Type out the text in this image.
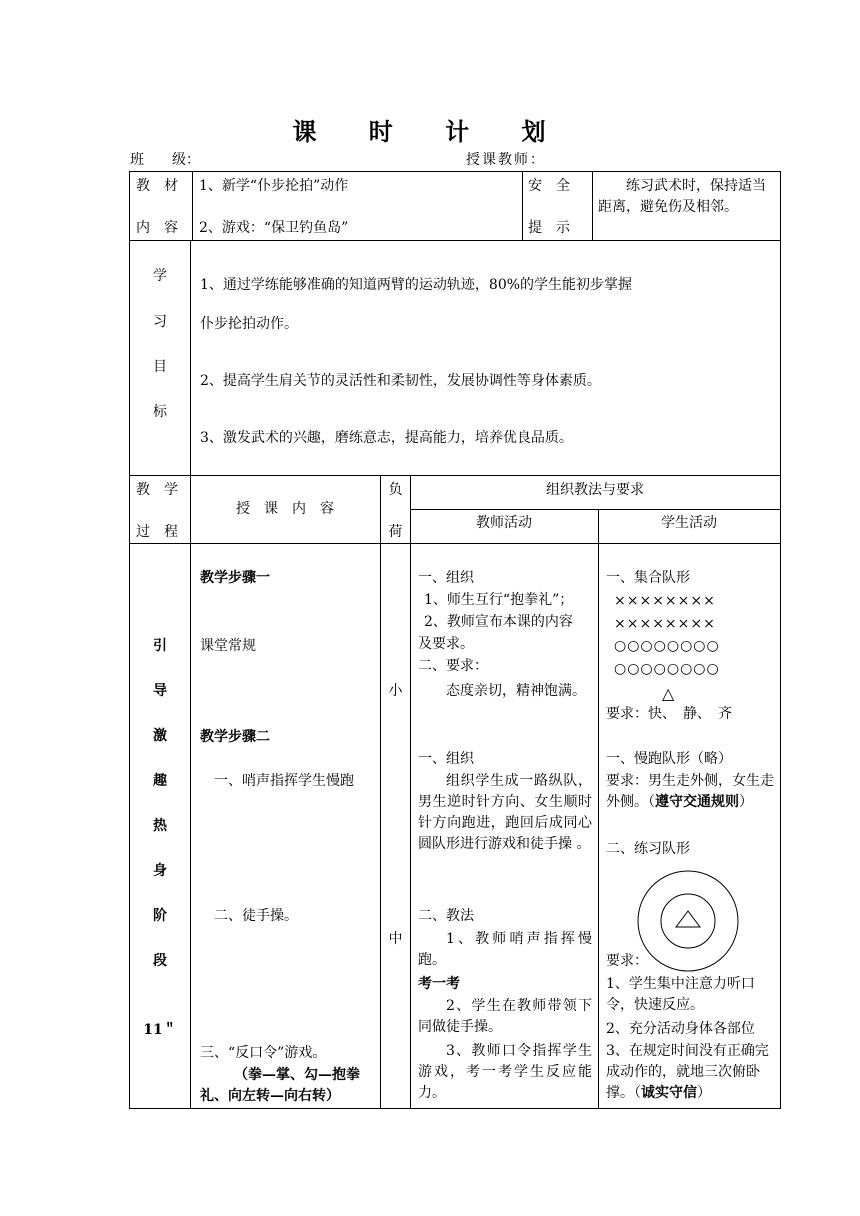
课 时 计 划
班　　级：	授课教师：
教　材
内　容
1、新学“仆步抡拍”动作
2、游戏：“保卫钓鱼岛”
安　全
提　示
练习武术时，保持适当距离，避免伤及相邻。
学
习
目
标
1、通过学练能够准确的知道两臂的运动轨迹，80%的学生能初步掌握
仆步抡拍动作。
2、提高学生肩关节的灵活性和柔韧性，发展协调性等身体素质。
3、激发武术的兴趣，磨练意志，提高能力，培养优良品质。
教　学
过　程
授　课　内　容
负
荷
组织教法与要求
教师活动	学生活动
引
导
激
趣
热
身
阶
段
11＂
教学步骤一
课堂常规
教学步骤二
一、哨声指挥学生慢跑
二、徒手操。
三、“反口令”游戏。
（拳—掌、勾—抱拳
礼、向左转—向右转）
小
中
一、组织
1、师生互行“抱拳礼”；
2、教师宣布本课的内容
及要求。
二、要求：
态度亲切，精神饱满。
一、组织
组织学生成一路纵队，男生逆时针方向、女生顺时针方向跑进，跑回后成同心圆队形进行游戏和徒手操 。
二、教法
1、教师哨声指挥慢跑。
考一考
2、学生在教师带领下同做徒手操。
3、教师口令指挥学生游戏，考一考学生反应能力。
一、集合队形
××××××××
××××××××
○○○○○○○○
○○○○○○○○
△
要求：快、　静、　齐
一、慢跑队形（略）
要求：男生走外侧，女生走外侧。（遵守交通规则）
二、练习队形
要求：
1、学生集中注意力听口令，快速反应。
2、充分活动身体各部位
3、在规定时间没有正确完成动作的，就地三次俯卧撑。（诚实守信）
